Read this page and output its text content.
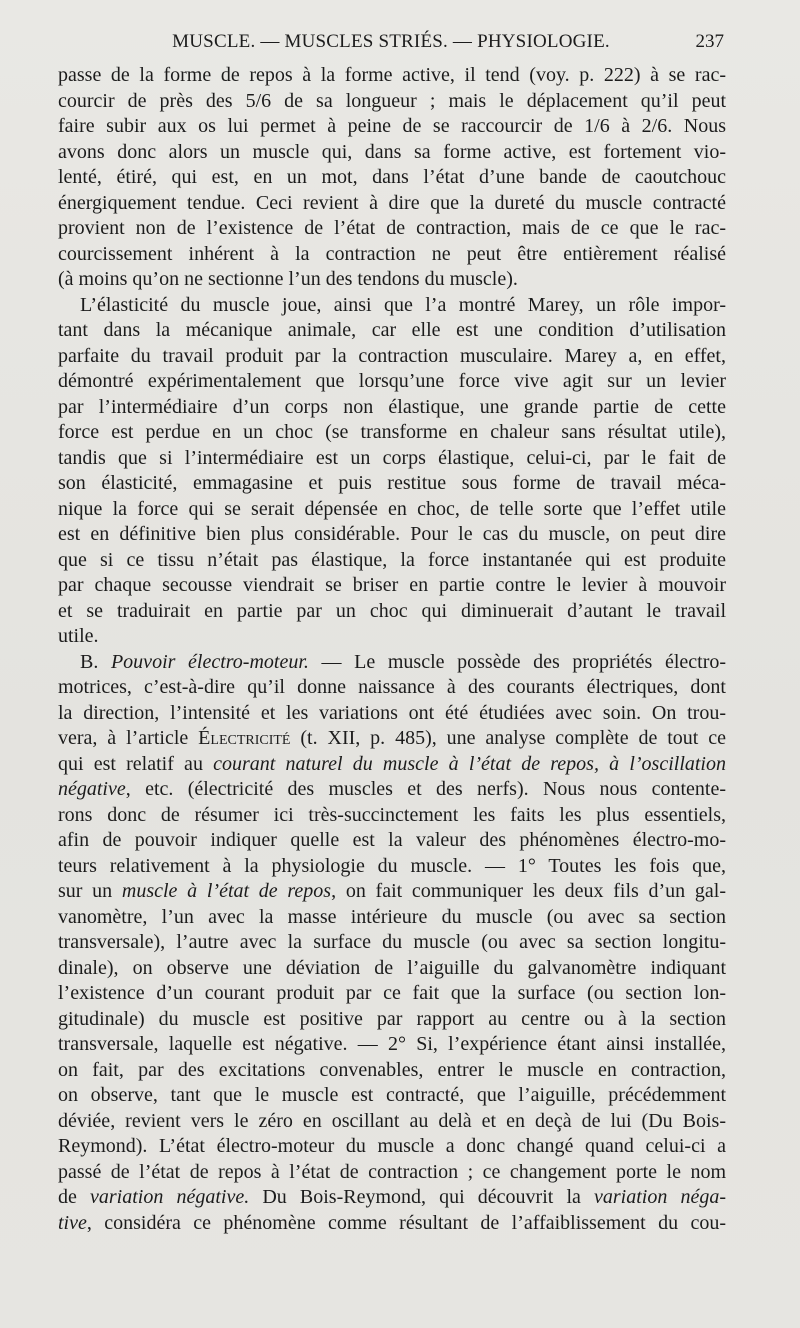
MUSCLE. — MUSCLES STRIÉS. — PHYSIOLOGIE.	237
passe de la forme de repos à la forme active, il tend (voy. p. 222) à se rac-
courcir de près des 5/6 de sa longueur ; mais le déplacement qu’il peut
faire subir aux os lui permet à peine de se raccourcir de 1/6 à 2/6. Nous
avons donc alors un muscle qui, dans sa forme active, est fortement vio-
lenté, étiré, qui est, en un mot, dans l’état d’une bande de caoutchouc
énergiquement tendue. Ceci revient à dire que la dureté du muscle contracté
provient non de l’existence de l’état de contraction, mais de ce que le rac-
courcissement inhérent à la contraction ne peut être entièrement réalisé
(à moins qu’on ne sectionne l’un des tendons du muscle).
L’élasticité du muscle joue, ainsi que l’a montré Marey, un rôle impor-
tant dans la mécanique animale, car elle est une condition d’utilisation
parfaite du travail produit par la contraction musculaire. Marey a, en effet,
démontré expérimentalement que lorsqu’une force vive agit sur un levier
par l’intermédiaire d’un corps non élastique, une grande partie de cette
force est perdue en un choc (se transforme en chaleur sans résultat utile),
tandis que si l’intermédiaire est un corps élastique, celui-ci, par le fait de
son élasticité, emmagasine et puis restitue sous forme de travail méca-
nique la force qui se serait dépensée en choc, de telle sorte que l’effet utile
est en définitive bien plus considérable. Pour le cas du muscle, on peut dire
que si ce tissu n’était pas élastique, la force instantanée qui est produite
par chaque secousse viendrait se briser en partie contre le levier à mouvoir
et se traduirait en partie par un choc qui diminuerait d’autant le travail
utile.
B. Pouvoir électro-moteur. — Le muscle possède des propriétés électro-
motrices, c’est-à-dire qu’il donne naissance à des courants électriques, dont
la direction, l’intensité et les variations ont été étudiées avec soin. On trou-
vera, à l’article Électricité (t. XII, p. 485), une analyse complète de tout ce
qui est relatif au courant naturel du muscle à l’état de repos, à l’oscillation
négative, etc. (électricité des muscles et des nerfs). Nous nous contente-
rons donc de résumer ici très-succinctement les faits les plus essentiels,
afin de pouvoir indiquer quelle est la valeur des phénomènes électro-mo-
teurs relativement à la physiologie du muscle. — 1° Toutes les fois que,
sur un muscle à l’état de repos, on fait communiquer les deux fils d’un gal-
vanomètre, l’un avec la masse intérieure du muscle (ou avec sa section
transversale), l’autre avec la surface du muscle (ou avec sa section longitu-
dinale), on observe une déviation de l’aiguille du galvanomètre indiquant
l’existence d’un courant produit par ce fait que la surface (ou section lon-
gitudinale) du muscle est positive par rapport au centre ou à la section
transversale, laquelle est négative. — 2° Si, l’expérience étant ainsi installée,
on fait, par des excitations convenables, entrer le muscle en contraction,
on observe, tant que le muscle est contracté, que l’aiguille, précédemment
déviée, revient vers le zéro en oscillant au delà et en deçà de lui (Du Bois-
Reymond). L’état électro-moteur du muscle a donc changé quand celui-ci a
passé de l’état de repos à l’état de contraction ; ce changement porte le nom
de variation négative. Du Bois-Reymond, qui découvrit la variation néga-
tive, considéra ce phénomène comme résultant de l’affaiblissement du cou-
